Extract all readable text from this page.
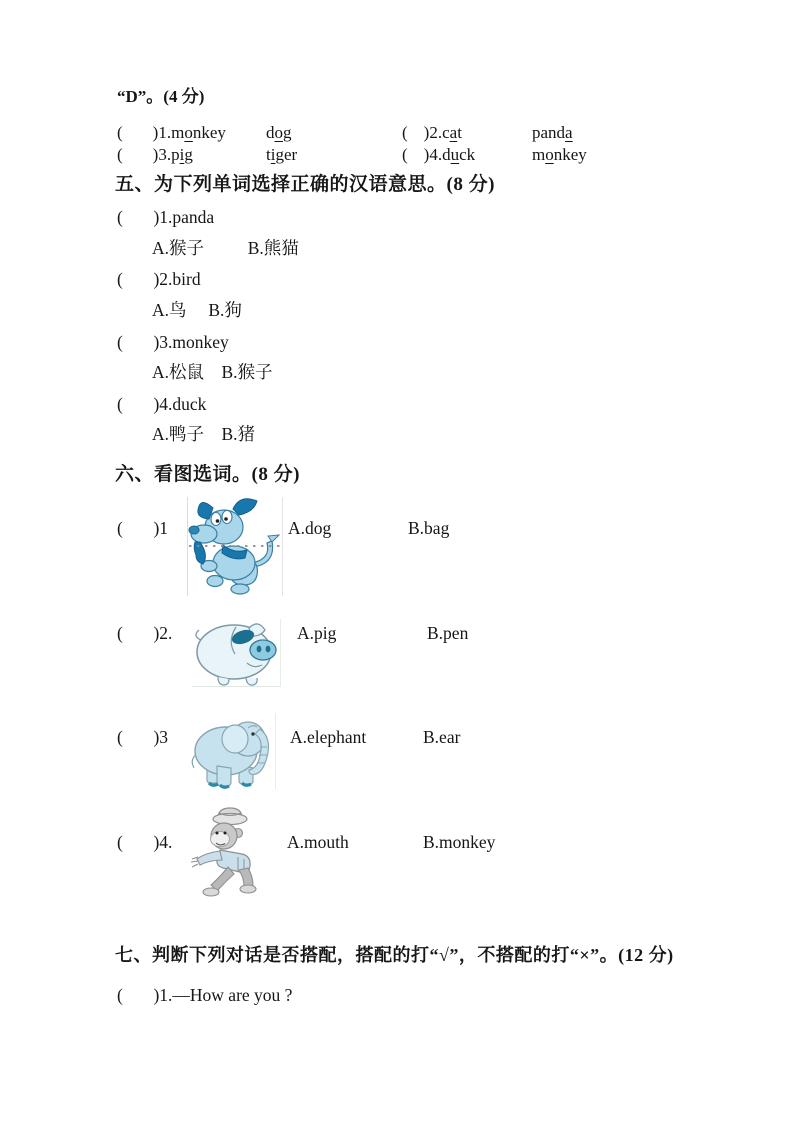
“D”。(4 分)
( )1.monkey dog	( )2.cat	panda
( )3.pig	tiger	( )4.duck	monkey
五、为下列单词选择正确的汉语意思。(8 分)
(       )1.panda
A.猴子          B.熊猫
(       )2.bird
A.鸟     B.狗
(       )3.monkey
A.松鼠    B.猴子
(       )4.duck
A.鸭子    B.猪
六、看图选词。(8 分)
(       )1	A.dog	B.bag
(       )2.	A.pig	B.pen
(       )3	A.elephant	B.ear
(       )4.	A.mouth	B.monkey
七、判断下列对话是否搭配，搭配的打“√”，不搭配的打“×”。(12 分)
(       )1.—How are you ?
